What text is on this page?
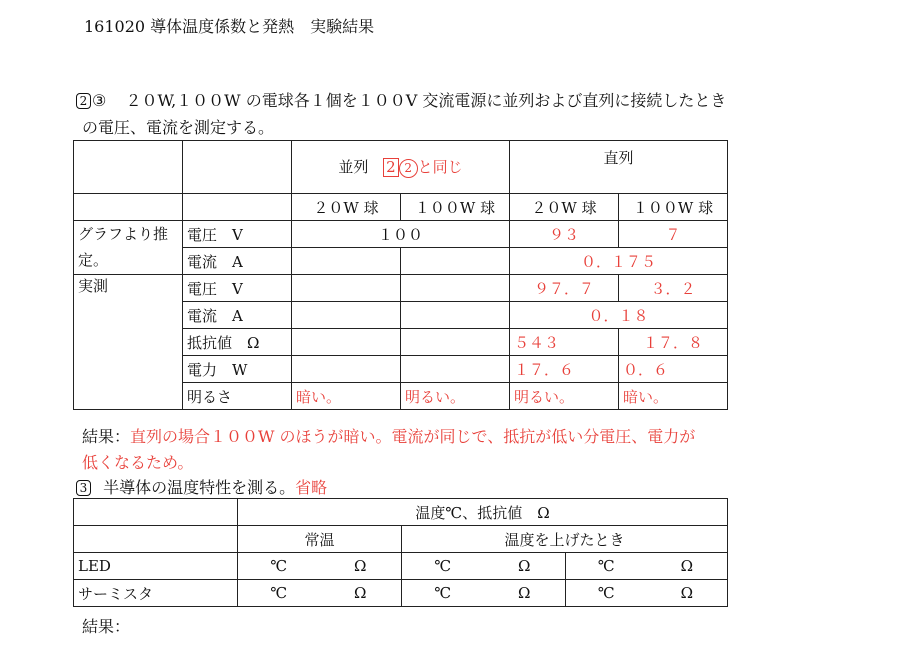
161020 導体温度係数と発熱　実験結果
2 ③ ２０W,１００W の電球各１個を１００V 交流電源に並列および直列に接続したとき
の電圧、電流を測定する。
		並列 2 2 と同じ		直列	
		２０W 球	１００W 球	２０W 球	１００W 球
グラフより推定。	電圧　V	１００		９３	７
	電流　A			０．１７５	
実測	電圧　V			９７．７	３．２
	電流　A			０．１８	
	抵抗値　Ω			５４３	１７．８
	電力　W			１７．６	０．６
	明るさ	暗い。	明るい。	明るい。	暗い。
結果：直列の場合１００W のほうが暗い。電流が同じで、抵抗が低い分電圧、電力が
低くなるため。
3 半導体の温度特性を測る。省略
	温度℃、抵抗値　Ω					
	常温		温度を上げたとき			
LED	℃	Ω	℃	Ω	℃	Ω
サーミスタ	℃	Ω	℃	Ω	℃	Ω
結果：
